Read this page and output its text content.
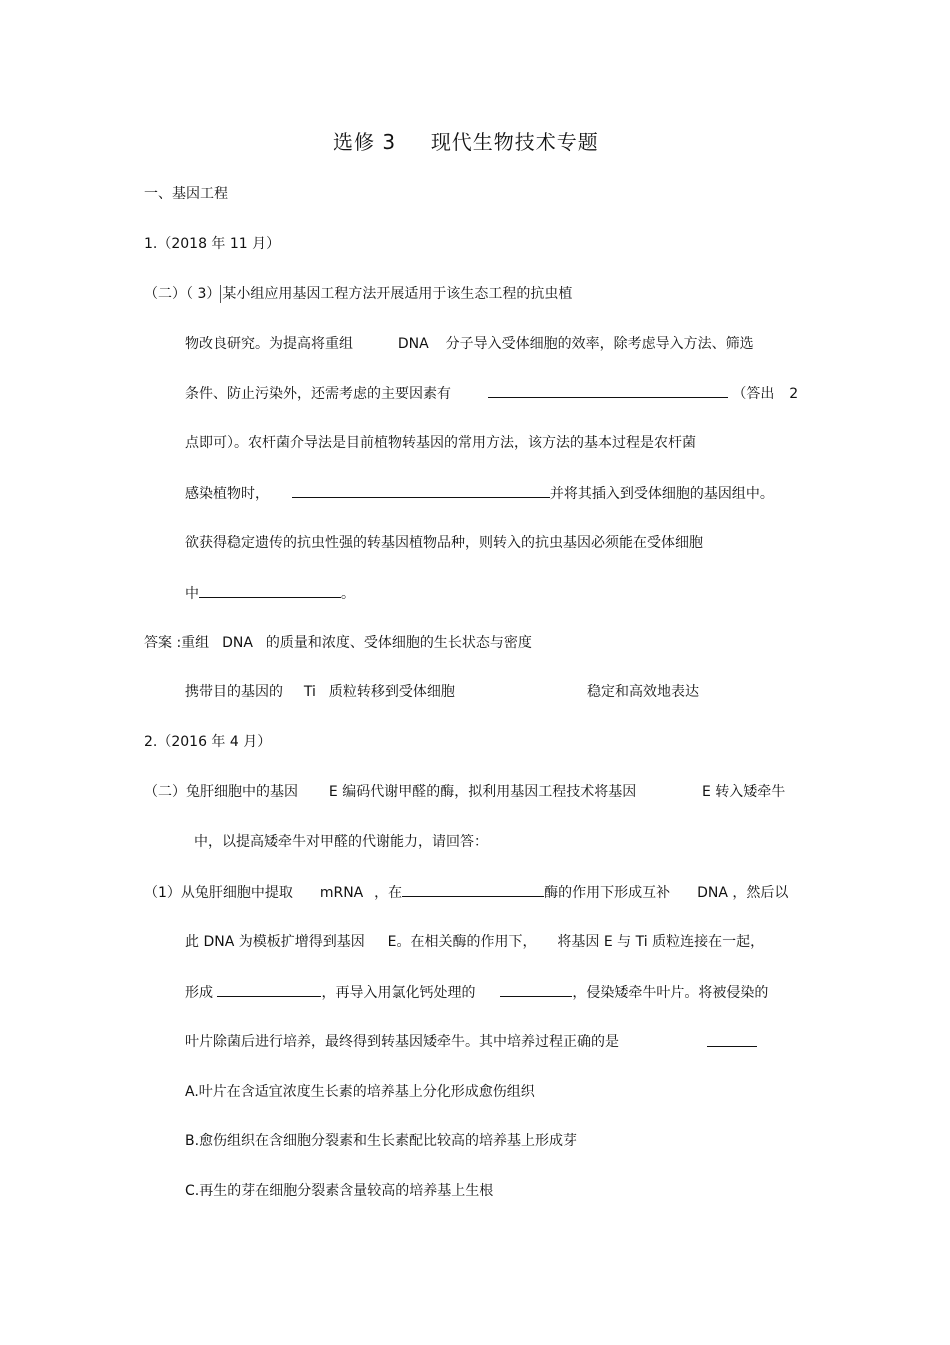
选修 3 现代生物技术专题
一、基因工程
1.（2018 年 11 月）
（二）（ 3） 某小组应用基因工程方法开展适用于该生态工程的抗虫植
物改良研究。为提高将重组	DNA 分子导入受体细胞的效率，除考虑导入方法、筛选
条件、防止污染外，还需考虑的主要因素有	（答出 2
点即可）。农杆菌介导法是目前植物转基因的常用方法，该方法的基本过程是农杆菌
感染植物时，	并将其插入到受体细胞的基因组中。
欲获得稳定遗传的抗虫性强的转基因植物品种，则转入的抗虫基因必须能在受体细胞
中	。
答案 :重组 DNA 的质量和浓度、受体细胞的生长状态与密度
携带目的基因的 Ti 质粒转移到受体细胞	稳定和高效地表达
2.（2016 年 4 月）
（二）兔肝细胞中的基因 E 编码代谢甲醛的酶，拟利用基因工程技术将基因	E 转入矮牵牛
中，以提高矮牵牛对甲醛的代谢能力，请回答：
（1）从兔肝细胞中提取 mRNA ，在	酶的作用下形成互补 DNA ，然后以
此 DNA 为模板扩增得到基因 E。在相关酶的作用下， 将基因 E 与 Ti 质粒连接在一起，
形成	，再导入用氯化钙处理的	，侵染矮牵牛叶片。将被侵染的
叶片除菌后进行培养，最终得到转基因矮牵牛。其中培养过程正确的是
A.叶片在含适宜浓度生长素的培养基上分化形成愈伤组织
B.愈伤组织在含细胞分裂素和生长素配比较高的培养基上形成芽
C.再生的芽在细胞分裂素含量较高的培养基上生根
